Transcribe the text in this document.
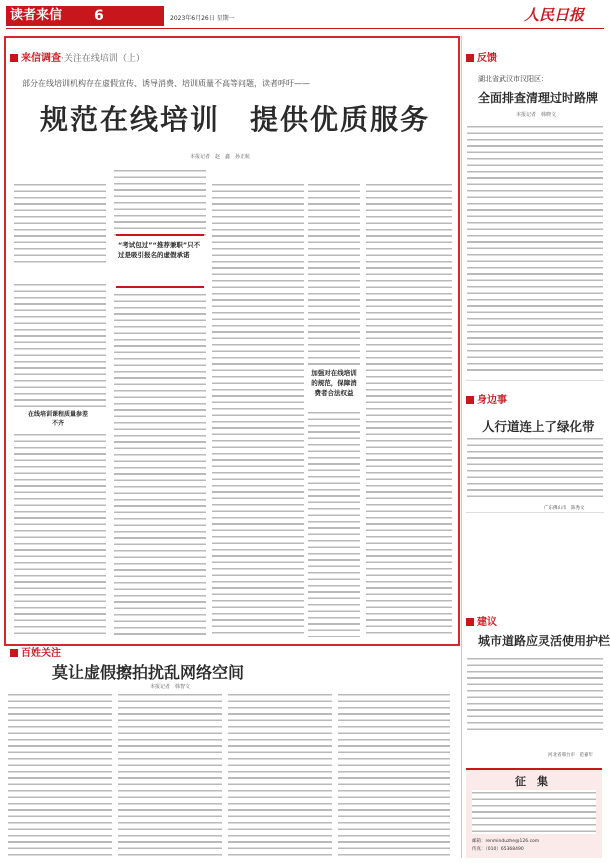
读者来信 6	2023年6月26日 星期一	人民日报
来信调查·关注在线培训（上）
部分在线培训机构存在虚假宣传、诱导消费、培训质量不高等问题，读者呼吁——
规范在线培训　提供优质服务
本报记者　赵　鑫　孙正航
在线培训课程质量参差不齐
“考试包过”“推荐兼职”只不过是吸引报名的虚假承诺
加强对在线培训的规范，保障消费者合法权益
百姓关注
莫让虚假擦拍扰乱网络空间
本报记者　韩智文
反馈
湖北省武汉市汉阳区：
全面排查清理过时路牌
本报记者　韩晓文
身边事
人行道连上了绿化带
广东佛山市　陈秀文
建议
城市道路应灵活使用护栏
河北省邢台市　范嘉年
征　集
邮箱：renminduzhe@126.com
传真：（010）65368490
